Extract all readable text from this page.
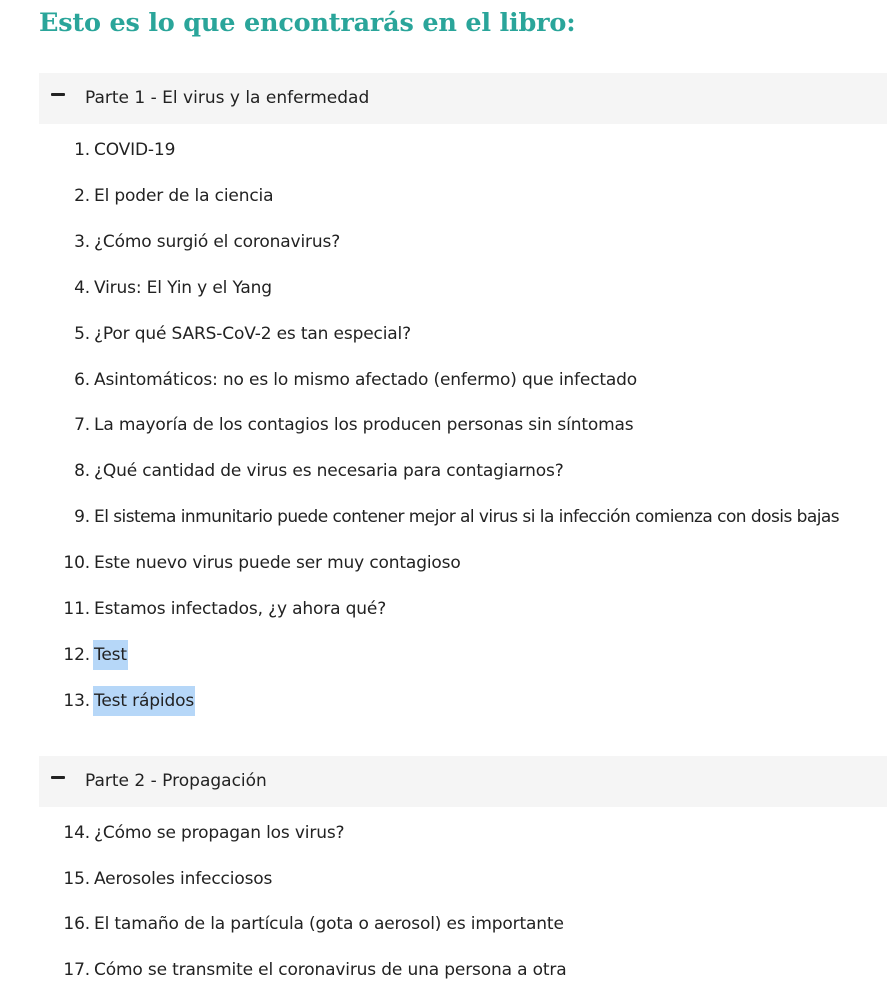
Esto es lo que encontrarás en el libro:
Parte 1 - El virus y la enfermedad
1. COVID-19
2. El poder de la ciencia
3. ¿Cómo surgió el coronavirus?
4. Virus: El Yin y el Yang
5. ¿Por qué SARS-CoV-2 es tan especial?
6. Asintomáticos: no es lo mismo afectado (enfermo) que infectado
7. La mayoría de los contagios los producen personas sin síntomas
8. ¿Qué cantidad de virus es necesaria para contagiarnos?
9. El sistema inmunitario puede contener mejor al virus si la infección comienza con dosis bajas
10. Este nuevo virus puede ser muy contagioso
11. Estamos infectados, ¿y ahora qué?
12. Test
13. Test rápidos
Parte 2 - Propagación
14. ¿Cómo se propagan los virus?
15. Aerosoles infecciosos
16. El tamaño de la partícula (gota o aerosol) es importante
17. Cómo se transmite el coronavirus de una persona a otra
